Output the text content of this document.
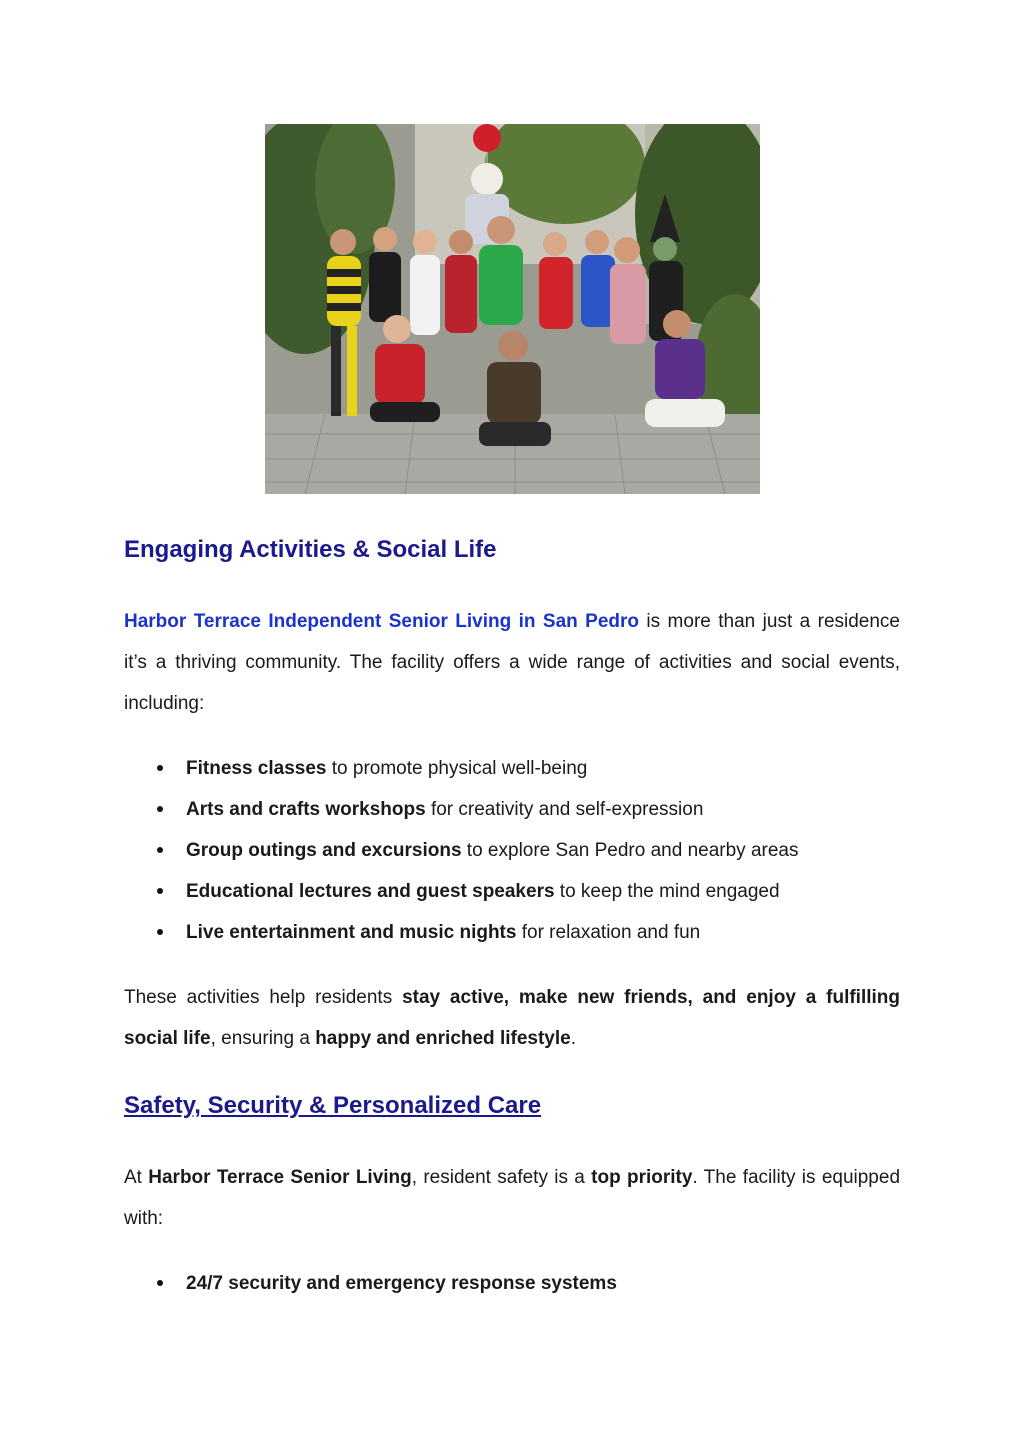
Engaging Activities & Social Life

Harbor Terrace Independent Senior Living in San Pedro is more than just a residence it’s a thriving community. The facility offers a wide range of activities and social events, including:

Fitness classes to promote physical well-being
Arts and crafts workshops for creativity and self-expression
Group outings and excursions to explore San Pedro and nearby areas
Educational lectures and guest speakers to keep the mind engaged
Live entertainment and music nights for relaxation and fun

These activities help residents stay active, make new friends, and enjoy a fulfilling social life, ensuring a happy and enriched lifestyle.

Safety, Security & Personalized Care

At Harbor Terrace Senior Living, resident safety is a top priority. The facility is equipped with:

24/7 security and emergency response systems
